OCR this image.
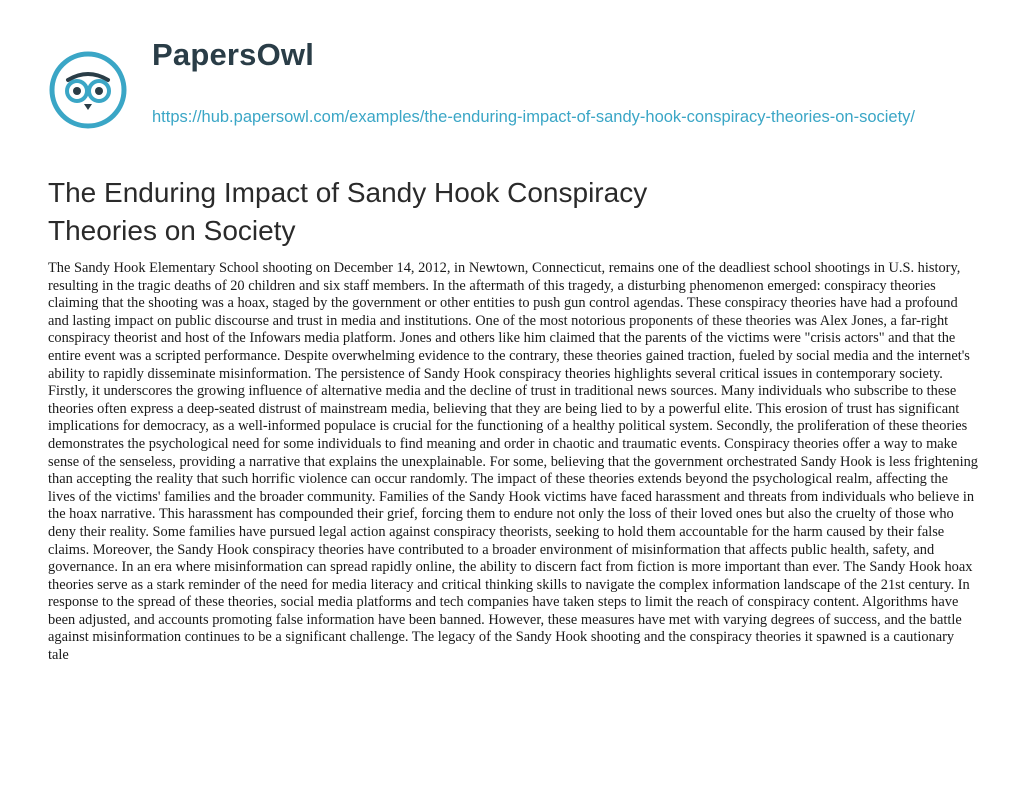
PapersOwl

https://hub.papersowl.com/examples/the-enduring-impact-of-sandy-hook-conspiracy-theories-on-society/

The Enduring Impact of Sandy Hook Conspiracy Theories on Society

The Sandy Hook Elementary School shooting on December 14, 2012, in Newtown, Connecticut, remains one of the deadliest school shootings in U.S. history, resulting in the tragic deaths of 20 children and six staff members. In the aftermath of this tragedy, a disturbing phenomenon emerged: conspiracy theories claiming that the shooting was a hoax, staged by the government or other entities to push gun control agendas. These conspiracy theories have had a profound and lasting impact on public discourse and trust in media and institutions. One of the most notorious proponents of these theories was Alex Jones, a far-right conspiracy theorist and host of the Infowars media platform. Jones and others like him claimed that the parents of the victims were "crisis actors" and that the entire event was a scripted performance. Despite overwhelming evidence to the contrary, these theories gained traction, fueled by social media and the internet's ability to rapidly disseminate misinformation. The persistence of Sandy Hook conspiracy theories highlights several critical issues in contemporary society. Firstly, it underscores the growing influence of alternative media and the decline of trust in traditional news sources. Many individuals who subscribe to these theories often express a deep-seated distrust of mainstream media, believing that they are being lied to by a powerful elite. This erosion of trust has significant implications for democracy, as a well-informed populace is crucial for the functioning of a healthy political system. Secondly, the proliferation of these theories demonstrates the psychological need for some individuals to find meaning and order in chaotic and traumatic events. Conspiracy theories offer a way to make sense of the senseless, providing a narrative that explains the unexplainable. For some, believing that the government orchestrated Sandy Hook is less frightening than accepting the reality that such horrific violence can occur randomly. The impact of these theories extends beyond the psychological realm, affecting the lives of the victims' families and the broader community. Families of the Sandy Hook victims have faced harassment and threats from individuals who believe in the hoax narrative. This harassment has compounded their grief, forcing them to endure not only the loss of their loved ones but also the cruelty of those who deny their reality. Some families have pursued legal action against conspiracy theorists, seeking to hold them accountable for the harm caused by their false claims. Moreover, the Sandy Hook conspiracy theories have contributed to a broader environment of misinformation that affects public health, safety, and governance. In an era where misinformation can spread rapidly online, the ability to discern fact from fiction is more important than ever. The Sandy Hook hoax theories serve as a stark reminder of the need for media literacy and critical thinking skills to navigate the complex information landscape of the 21st century. In response to the spread of these theories, social media platforms and tech companies have taken steps to limit the reach of conspiracy content. Algorithms have been adjusted, and accounts promoting false information have been banned. However, these measures have met with varying degrees of success, and the battle against misinformation continues to be a significant challenge. The legacy of the Sandy Hook shooting and the conspiracy theories it spawned is a cautionary tale
